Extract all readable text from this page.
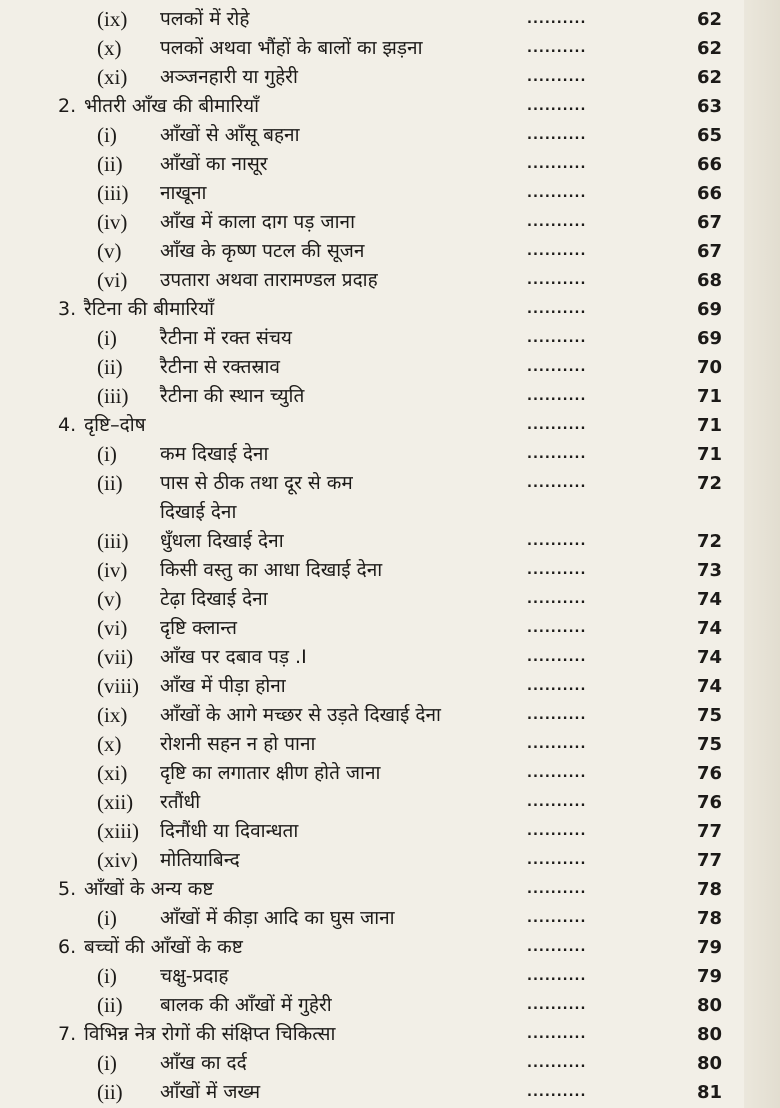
(ix) पलकों में रोहे	..........	62
(x) पलकों अथवा भौंहों के बालों का झड़ना	..........	62
(xi) अञ्जनहारी या गुहेरी	..........	62
2. भीतरी आँख की बीमारियाँ	..........	63
(i) आँखों से आँसू बहना	..........	65
(ii) आँखों का नासूर	..........	66
(iii) नाखूना	..........	66
(iv) आँख में काला दाग पड़ जाना	..........	67
(v) आँख के कृष्ण पटल की सूजन	..........	67
(vi) उपतारा अथवा तारामण्डल प्रदाह	..........	68
3. रैटिना की बीमारियाँ	..........	69
(i) रैटीना में रक्त संचय	..........	69
(ii) रैटीना से रक्तस्राव	..........	70
(iii) रैटीना की स्थान च्युति	..........	71
4. दृष्टि–दोष	..........	71
(i) कम दिखाई देना	..........	71
(ii) पास से ठीक तथा दूर से कम	..........	72
दिखाई देना
(iii) धुँधला दिखाई देना	..........	72
(iv) किसी वस्तु का आधा दिखाई देना	..........	73
(v) टेढ़ा दिखाई देना	..........	74
(vi) दृष्टि क्लान्त	..........	74
(vii) आँख पर दबाव पड़ .I	..........	74
(viii) आँख में पीड़ा होना	..........	74
(ix) आँखों के आगे मच्छर से उड़ते दिखाई देना	..........	75
(x) रोशनी सहन न हो पाना	..........	75
(xi) दृष्टि का लगातार क्षीण होते जाना	..........	76
(xii) रतौंधी	..........	76
(xiii) दिनौंधी या दिवान्धता	..........	77
(xiv) मोतियाबिन्द	..........	77
5. आँखों के अन्य कष्ट	..........	78
(i) आँखों में कीड़ा आदि का घुस जाना	..........	78
6. बच्चों की आँखों के कष्ट	..........	79
(i) चक्षु-प्रदाह	..........	79
(ii) बालक की आँखों में गुहेरी	..........	80
7. विभिन्न नेत्र रोगों की संक्षिप्त चिकित्सा	..........	80
(i) आँख का दर्द	..........	80
(ii) आँखों में जख्म	..........	81
